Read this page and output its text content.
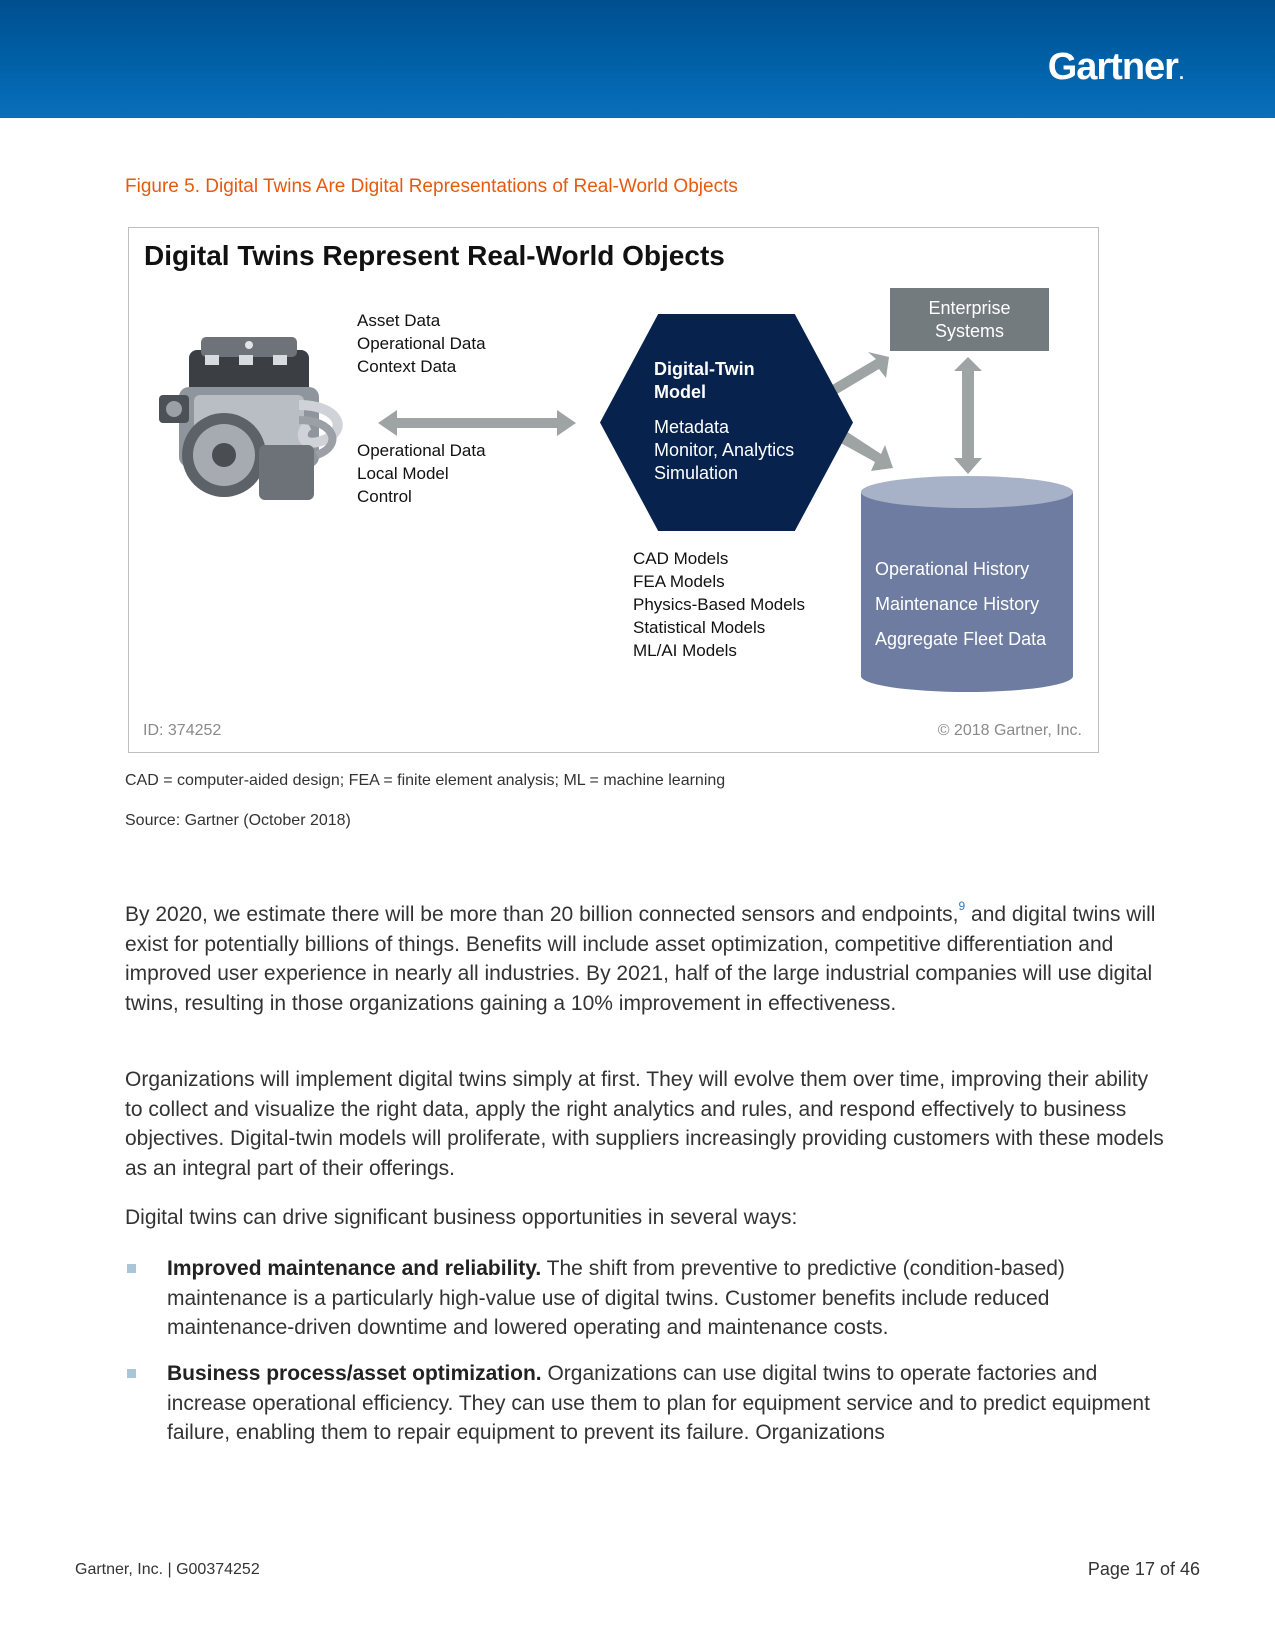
Gartner.
Figure 5. Digital Twins Are Digital Representations of Real-World Objects
Digital Twins Represent Real-World Objects
Asset Data
Operational Data
Context Data
Operational Data
Local Model
Control
Digital-Twin
Model
Metadata
Monitor, Analytics
Simulation
CAD Models
FEA Models
Physics-Based Models
Statistical Models
ML/AI Models
Enterprise
Systems
Operational History
Maintenance History
Aggregate Fleet Data
ID: 374252	© 2018 Gartner, Inc.
CAD = computer-aided design; FEA = finite element analysis; ML = machine learning
Source: Gartner (October 2018)

By 2020, we estimate there will be more than 20 billion connected sensors and endpoints,$^9$ and digital twins will exist for potentially billions of things. Benefits will include asset optimization, competitive differentiation and improved user experience in nearly all industries. By 2021, half of the large industrial companies will use digital twins, resulting in those organizations gaining a 10% improvement in effectiveness.

Organizations will implement digital twins simply at first. They will evolve them over time, improving their ability to collect and visualize the right data, apply the right analytics and rules, and respond effectively to business objectives. Digital-twin models will proliferate, with suppliers increasingly providing customers with these models as an integral part of their offerings.

Digital twins can drive significant business opportunities in several ways:

Improved maintenance and reliability. The shift from preventive to predictive (condition-based) maintenance is a particularly high-value use of digital twins. Customer benefits include reduced maintenance-driven downtime and lowered operating and maintenance costs.
Business process/asset optimization. Organizations can use digital twins to operate factories and increase operational efficiency. They can use them to plan for equipment service and to predict equipment failure, enabling them to repair equipment to prevent its failure. Organizations
Gartner, Inc. | G00374252	Page 17 of 46
